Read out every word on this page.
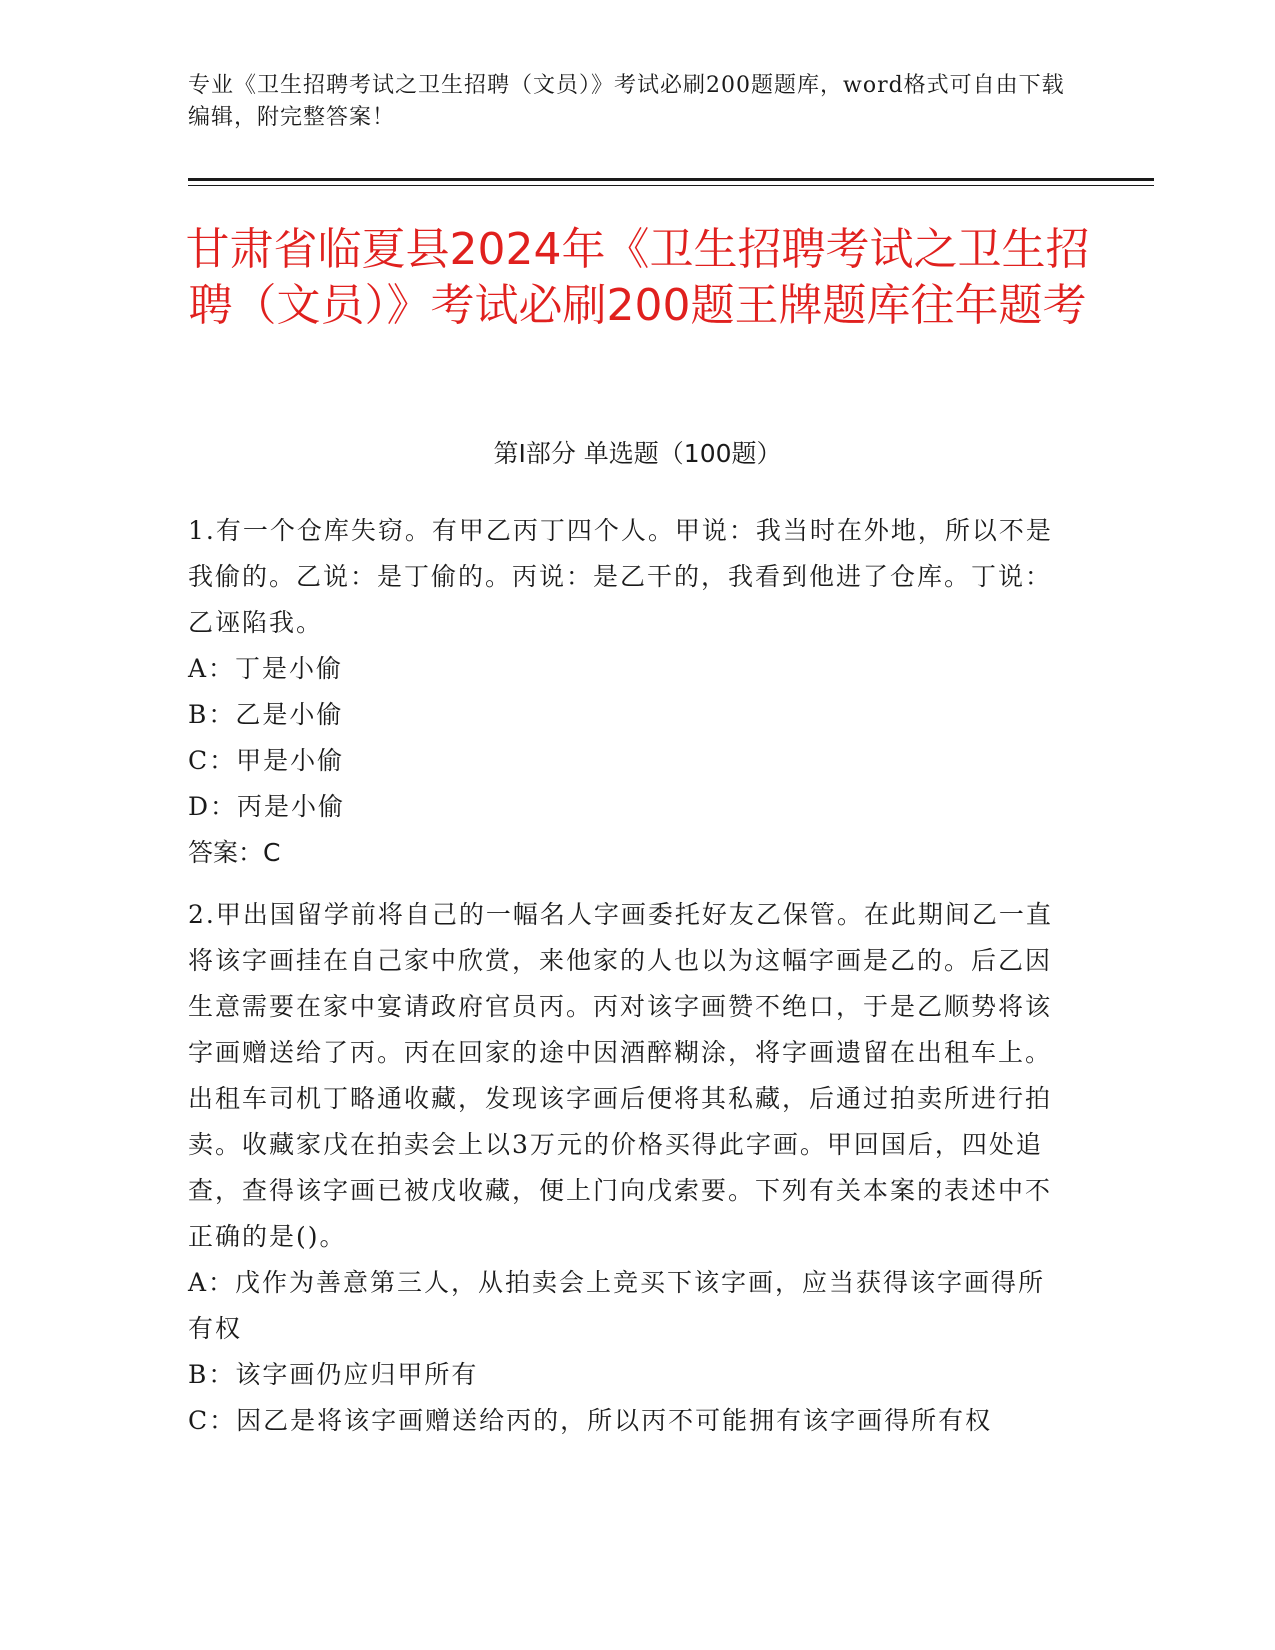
专业《卫生招聘考试之卫生招聘（文员）》考试必刷200题题库，word格式可自由下载编辑，附完整答案！
甘肃省临夏县2024年《卫生招聘考试之卫生招聘（文员）》考试必刷200题王牌题库往年题考
第Ⅰ部分 单选题（100题）
1.有一个仓库失窃。有甲乙丙丁四个人。甲说：我当时在外地，所以不是我偷的。乙说：是丁偷的。丙说：是乙干的，我看到他进了仓库。丁说：乙诬陷我。
A：丁是小偷
B：乙是小偷
C：甲是小偷
D：丙是小偷
答案：C
2.甲出国留学前将自己的一幅名人字画委托好友乙保管。在此期间乙一直将该字画挂在自己家中欣赏，来他家的人也以为这幅字画是乙的。后乙因生意需要在家中宴请政府官员丙。丙对该字画赞不绝口，于是乙顺势将该字画赠送给了丙。丙在回家的途中因酒醉糊涂，将字画遗留在出租车上。出租车司机丁略通收藏，发现该字画后便将其私藏，后通过拍卖所进行拍卖。收藏家戊在拍卖会上以3万元的价格买得此字画。甲回国后，四处追查，查得该字画已被戊收藏，便上门向戊索要。下列有关本案的表述中不正确的是()。
A：戊作为善意第三人，从拍卖会上竞买下该字画，应当获得该字画得所有权
B：该字画仍应归甲所有
C：因乙是将该字画赠送给丙的，所以丙不可能拥有该字画得所有权
